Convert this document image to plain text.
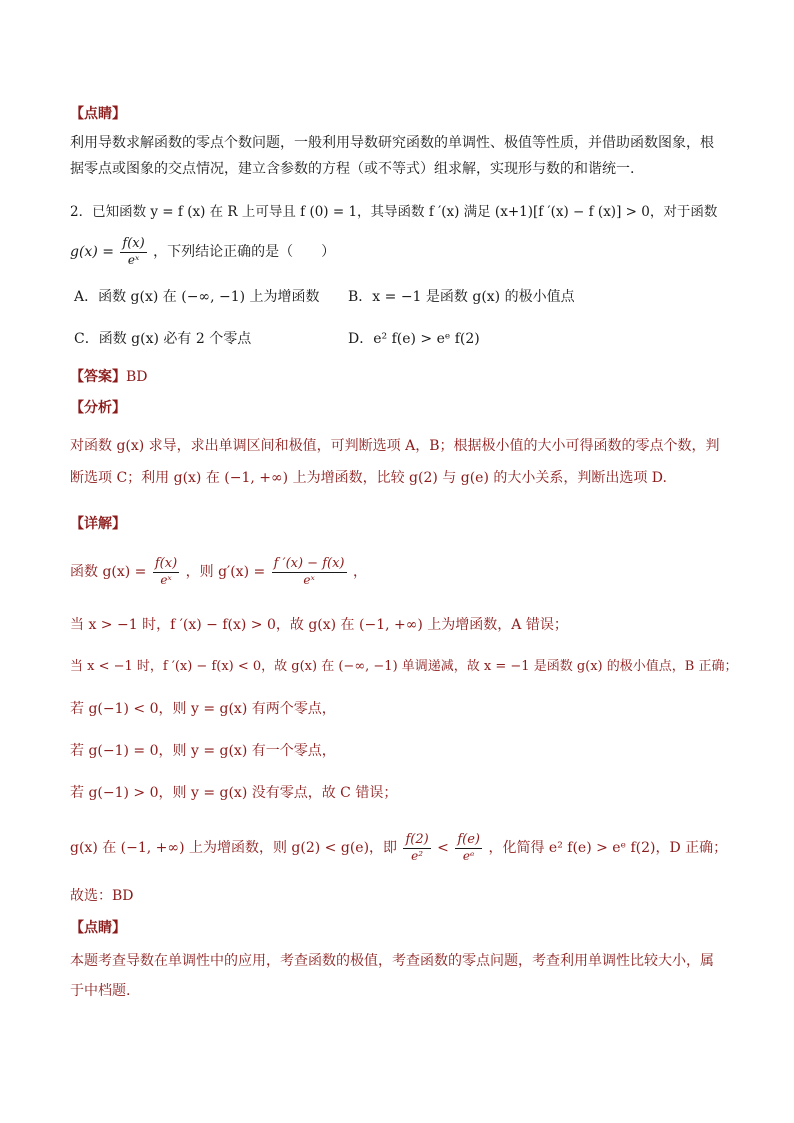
【点睛】
利用导数求解函数的零点个数问题，一般利用导数研究函数的单调性、极值等性质，并借助函数图象，根据零点或图象的交点情况，建立含参数的方程（或不等式）组求解，实现形与数的和谐统一.
2．已知函数 y = f (x) 在 R 上可导且 f (0) = 1，其导函数 f ′(x) 满足 (x+1)[f ′(x) − f (x)] > 0，对于函数
$g(x) = \frac{f(x)}{\text{eˣ}}$ ，下列结论正确的是（　　）
A．函数 g(x) 在 (−∞, −1) 上为增函数 B．x = −1 是函数 g(x) 的极小值点
C．函数 g(x) 必有 2 个零点	D．e² f(e) > eᵉ f(2)
【答案】BD
【分析】
对函数 g(x) 求导，求出单调区间和极值，可判断选项 A，B；根据极小值的大小可得函数的零点个数，判断选项 C；利用 g(x) 在 (−1, +∞) 上为增函数，比较 g(2) 与 g(e) 的大小关系，判断出选项 D.
【详解】
函数 $g(x) = \frac{f(x)}{\text{eˣ}}$ ，则 $g'(x) = \frac{f '(x) - f(x)}{\text{eˣ}}$ ，
当 x > −1 时，f ′(x) − f(x) > 0，故 g(x) 在 (−1, +∞) 上为增函数，A 错误；
当 x < −1 时，f ′(x) − f(x) < 0，故 g(x) 在 (−∞, −1) 单调递减，故 x = −1 是函数 g(x) 的极小值点，B 正确；
若 g(−1) < 0，则 y = g(x) 有两个零点，
若 g(−1) = 0，则 y = g(x) 有一个零点，
若 g(−1) > 0，则 y = g(x) 没有零点，故 C 错误；
g(x) 在 (−1, +∞) 上为增函数，则 g(2) < g(e)，即 $\frac{f(2)}{\text{e²}} < \frac{f(e)}{\text{eᵉ}}$ ，化简得 e² f(e) > eᵉ f(2)，D 正确；
故选：BD
【点睛】
本题考查导数在单调性中的应用，考查函数的极值，考查函数的零点问题，考查利用单调性比较大小，属于中档题.
